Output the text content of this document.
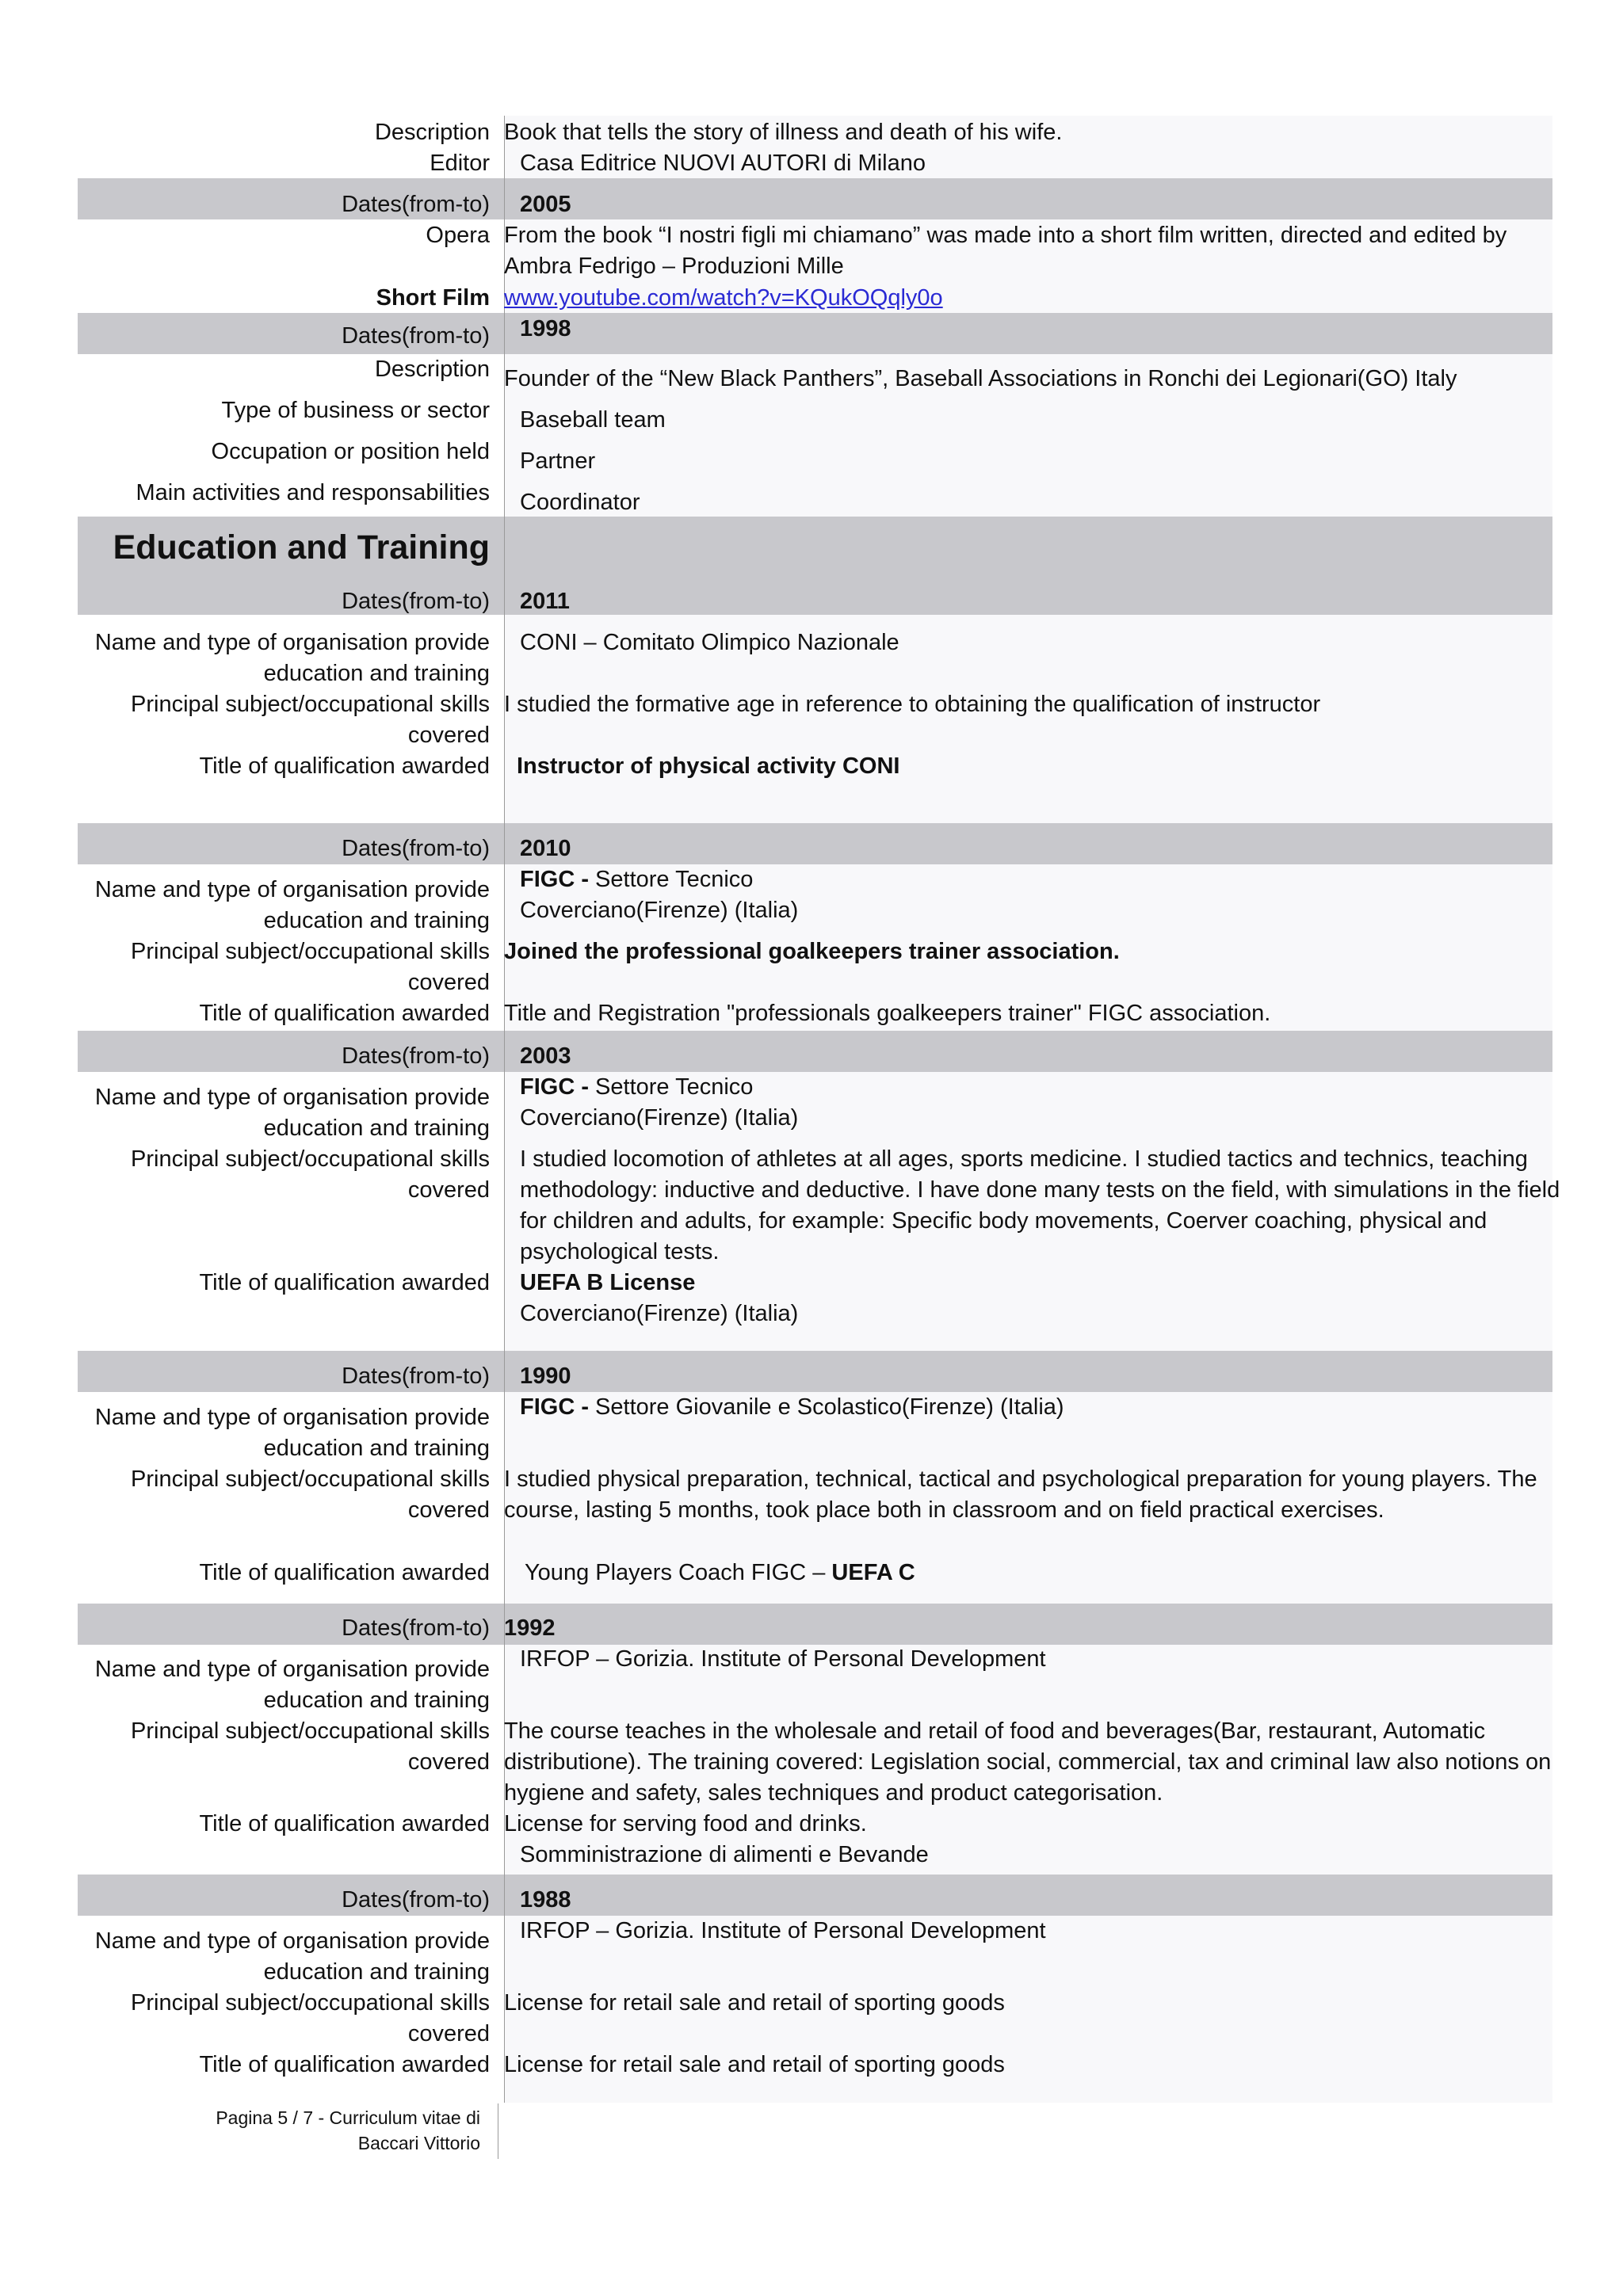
Description Book that tells the story of illness and death of his wife.
Editor Casa Editrice NUOVI AUTORI di Milano
Dates(from-to) 2005
Opera From the book “I nostri figli mi chiamano” was made into a short film written, directed and edited by
Ambra Fedrigo – Produzioni Mille
Short Film www.youtube.com/watch?v=KQukOQqly0o
Dates(from-to) 1998
Description Founder of the “New Black Panthers”, Baseball Associations in Ronchi dei Legionari(GO) Italy
Type of business or sector Baseball team
Occupation or position held Partner
Main activities and responsabilities Coordinator
Education and Training
Dates(from-to) 2011
Name and type of organisation provide
education and training
CONI – Comitato Olimpico Nazionale
Principal subject/occupational skills
covered
I studied the formative age in reference to obtaining the qualification of instructor
Title of qualification awarded Instructor of physical activity CONI
Dates(from-to) 2010
Name and type of organisation provide
education and training
FIGC - Settore Tecnico
Coverciano(Firenze) (Italia)
Principal subject/occupational skills
covered
Joined the professional goalkeepers trainer association.
Title of qualification awarded Title and Registration "professionals goalkeepers trainer" FIGC association.
Dates(from-to) 2003
Name and type of organisation provide
education and training
FIGC - Settore Tecnico
Coverciano(Firenze) (Italia)
Principal subject/occupational skills
covered
I studied locomotion of athletes at all ages, sports medicine. I studied tactics and technics, teaching
methodology: inductive and deductive. I have done many tests on the field, with simulations in the field
for children and adults, for example: Specific body movements, Coerver coaching, physical and
psychological tests.
Title of qualification awarded UEFA B License
Coverciano(Firenze) (Italia)
Dates(from-to) 1990
Name and type of organisation provide
education and training
FIGC - Settore Giovanile e Scolastico(Firenze) (Italia)
Principal subject/occupational skills
covered
I studied physical preparation, technical, tactical and psychological preparation for young players. The
course, lasting 5 months, took place both in classroom and on field practical exercises.
Title of qualification awarded Young Players Coach FIGC – UEFA C
Dates(from-to) 1992
Name and type of organisation provide
education and training
IRFOP – Gorizia. Institute of Personal Development
Principal subject/occupational skills
covered
The course teaches in the wholesale and retail of food and beverages(Bar, restaurant, Automatic
distributione). The training covered: Legislation social, commercial, tax and criminal law also notions on
hygiene and safety, sales techniques and product categorisation.
Title of qualification awarded License for serving food and drinks.
Somministrazione di alimenti e Bevande
Dates(from-to) 1988
Name and type of organisation provide
education and training
IRFOP – Gorizia. Institute of Personal Development
Principal subject/occupational skills
covered
License for retail sale and retail of sporting goods
Title of qualification awarded License for retail sale and retail of sporting goods
Pagina 5 / 7 - Curriculum vitae di
Baccari Vittorio
